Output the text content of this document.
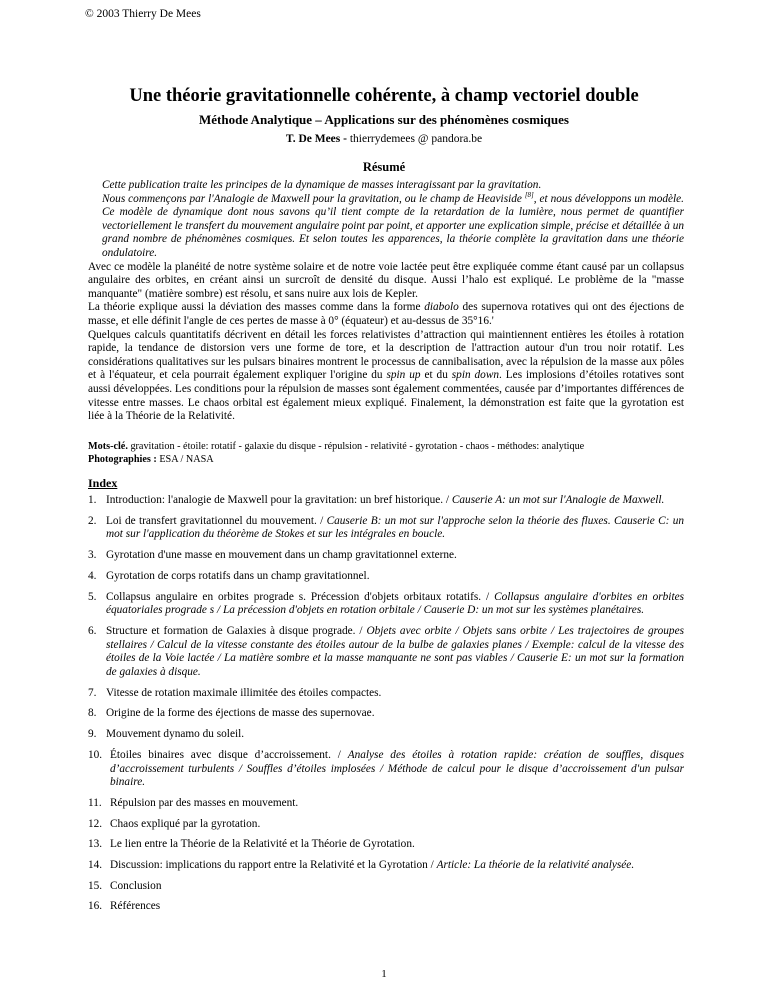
© 2003 Thierry De Mees
Une théorie gravitationnelle cohérente, à champ vectoriel double
Méthode Analytique – Applications sur des phénomènes cosmiques
T. De Mees - thierrydemees @ pandora.be
Résumé

Cette publication traite les principes de la dynamique de masses interagissant par la gravitation.

Nous commençons par l'Analogie de Maxwell pour la gravitation, ou le champ de Heaviside [8], et nous développons un modèle. Ce modèle de dynamique dont nous savons qu’il tient compte de la retardation de la lumière, nous permet de quantifier vectoriellement le transfert du mouvement angulaire point par point, et apporter une explication simple, précise et détaillée à un grand nombre de phénomènes cosmiques. Et selon toutes les apparences, la théorie complète la gravitation dans une théorie ondulatoire.

Avec ce modèle la planéité de notre système solaire et de notre voie lactée peut être expliquée comme étant causé par un collapsus angulaire des orbites, en créant ainsi un surcroît de densité du disque. Aussi l’halo est expliqué. Le problème de la "masse manquante" (matière sombre) est résolu, et sans nuire aux lois de Kepler.

La théorie explique aussi la déviation des masses comme dans la forme diabolo des supernova rotatives qui ont des éjections de masse, et elle définit l'angle de ces pertes de masse à 0° (équateur) et au-dessus de 35°16.'

Quelques calculs quantitatifs décrivent en détail les forces relativistes d’attraction qui maintiennent entières les étoiles à rotation rapide, la tendance de distorsion vers une forme de tore, et la description de l'attraction autour d'un trou noir rotatif. Les considérations qualitatives sur les pulsars binaires montrent le processus de cannibalisation, avec la répulsion de la masse aux pôles et à l'équateur, et cela pourrait également expliquer l'origine du spin up et du spin down. Les implosions d’étoiles rotatives sont aussi développées. Les conditions pour la répulsion de masses sont également commentées, causée par d’importantes différences de vitesse entre masses. Le chaos orbital est également mieux expliqué. Finalement, la démonstration est faite que la gyrotation est liée à la Théorie de la Relativité.

Mots-clé. gravitation - étoile: rotatif - galaxie du disque - répulsion - relativité - gyrotation - chaos - méthodes: analytique
Photographies : ESA / NASA
Index
1. Introduction: l'analogie de Maxwell pour la gravitation: un bref historique. / Causerie A: un mot sur l'Analogie de Maxwell.
2. Loi de transfert gravitationnel du mouvement. / Causerie B: un mot sur l'approche selon la théorie des fluxes. Causerie C: un mot sur l'application du théorème de Stokes et sur les intégrales en boucle.
3. Gyrotation d'une masse en mouvement dans un champ gravitationnel externe.
4. Gyrotation de corps rotatifs dans un champ gravitationnel.
5. Collapsus angulaire en orbites prograde s. Précession d'objets orbitaux rotatifs. / Collapsus angulaire d'orbites en orbites équatoriales prograde s / La précession d'objets en rotation orbitale / Causerie D: un mot sur les systèmes planétaires.
6. Structure et formation de Galaxies à disque prograde. / Objets avec orbite / Objets sans orbite / Les trajectoires de groupes stellaires / Calcul de la vitesse constante des étoiles autour de la bulbe de galaxies planes / Exemple: calcul de la vitesse des étoiles de la Voie lactée / La matière sombre et la masse manquante ne sont pas viables / Causerie E: un mot sur la formation de galaxies à disque.
7. Vitesse de rotation maximale illimitée des étoiles compactes.
8. Origine de la forme des éjections de masse des supernovae.
9. Mouvement dynamo du soleil.
10. Étoiles binaires avec disque d’accroissement. / Analyse des étoiles à rotation rapide: création de souffles, disques d’accroissement turbulents / Souffles d’étoiles implosées / Méthode de calcul pour le disque d’accroissement d'un pulsar binaire.
11. Répulsion par des masses en mouvement.
12. Chaos expliqué par la gyrotation.
13. Le lien entre la Théorie de la Relativité et la Théorie de Gyrotation.
14. Discussion: implications du rapport entre la Relativité et la Gyrotation / Article: La théorie de la relativité analysée.
15. Conclusion
16. Références
1
